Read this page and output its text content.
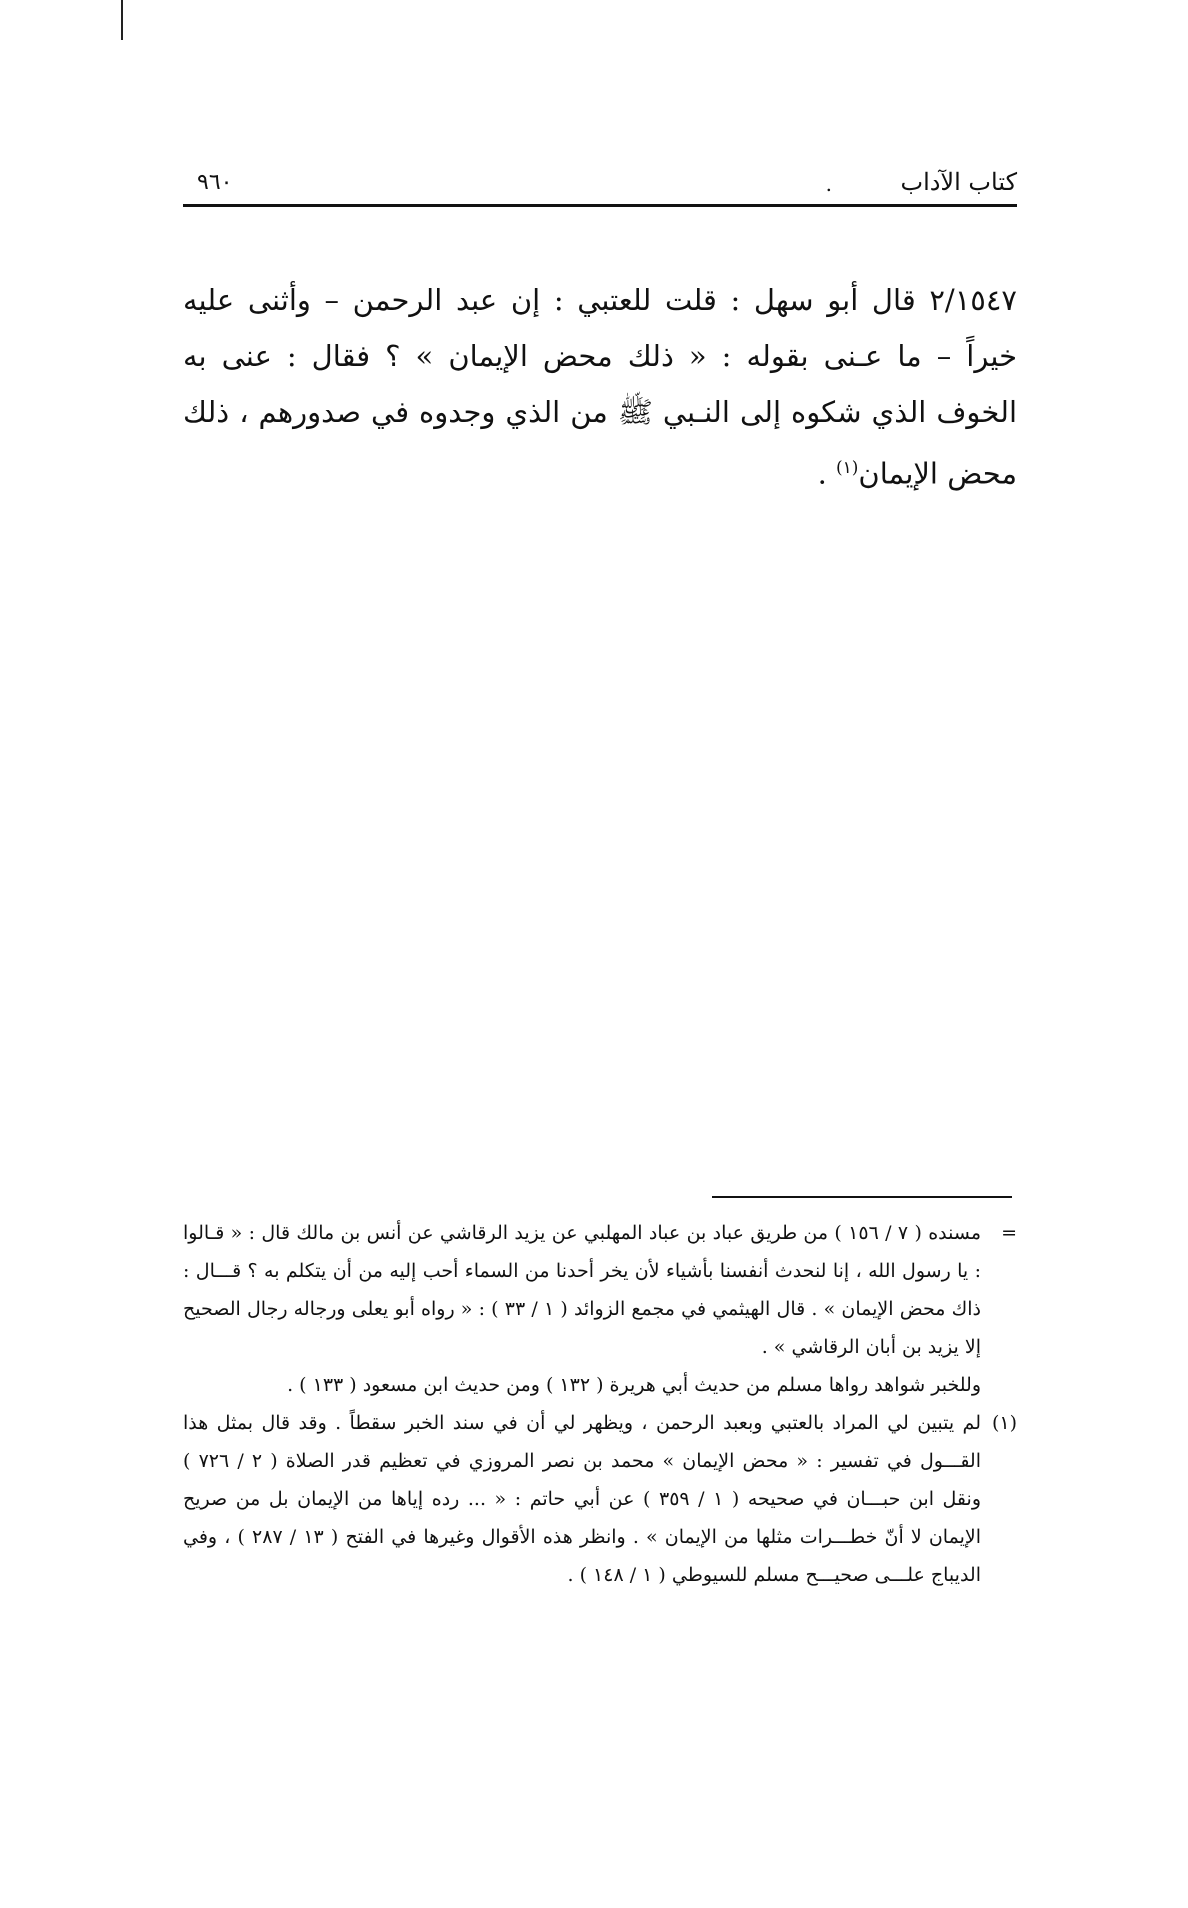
كتاب الآداب
.
٩٦٠

٢/١٥٤٧ قال أبو سهل : قلت للعتبي : إن عبد الرحمن – وأثنى عليه خيراً – ما عـنى بقوله : « ذلك محض الإيمان » ؟ فقال : عنى به الخوف الذي شكوه إلى النـبي ﷺ من الذي وجدوه في صدورهم ، ذلك محض الإيمان$^{(١)}$ .

=مسنده ( ٧ / ١٥٦ ) من طريق عباد بن عباد المهلبي عن يزيد الرقاشي عن أنس بن مالك قال : « قـالوا : يا رسول الله ، إنا لنحدث أنفسنا بأشياء لأن يخر أحدنا من السماء أحب إليه من أن يتكلم به ؟ قـــال : ذاك محض الإيمان » . قال الهيثمي في مجمع الزوائد ( ١ / ٣٣ ) : « رواه أبو يعلى ورجاله رجال الصحيح إلا يزيد بن أبان الرقاشي » .

وللخبر شواهد رواها مسلم من حديث أبي هريرة ( ١٣٢ ) ومن حديث ابن مسعود ( ١٣٣ ) .

(١)لم يتبين لي المراد بالعتبي وبعبد الرحمن ، ويظهر لي أن في سند الخبر سقطاً . وقد قال بمثل هذا القـــول في تفسير : « محض الإيمان » محمد بن نصر المروزي في تعظيم قدر الصلاة ( ٢ / ٧٢٦ ) ونقل ابن حبـــان في صحيحه ( ١ / ٣٥٩ ) عن أبي حاتم : « ... رده إياها من الإيمان بل من صريح الإيمان لا أنّ خطـــرات مثلها من الإيمان » . وانظر هذه الأقوال وغيرها في الفتح ( ١٣ / ٢٨٧ ) ، وفي الديباج علـــى صحيـــح مسلم للسيوطي ( ١ / ١٤٨ ) .
